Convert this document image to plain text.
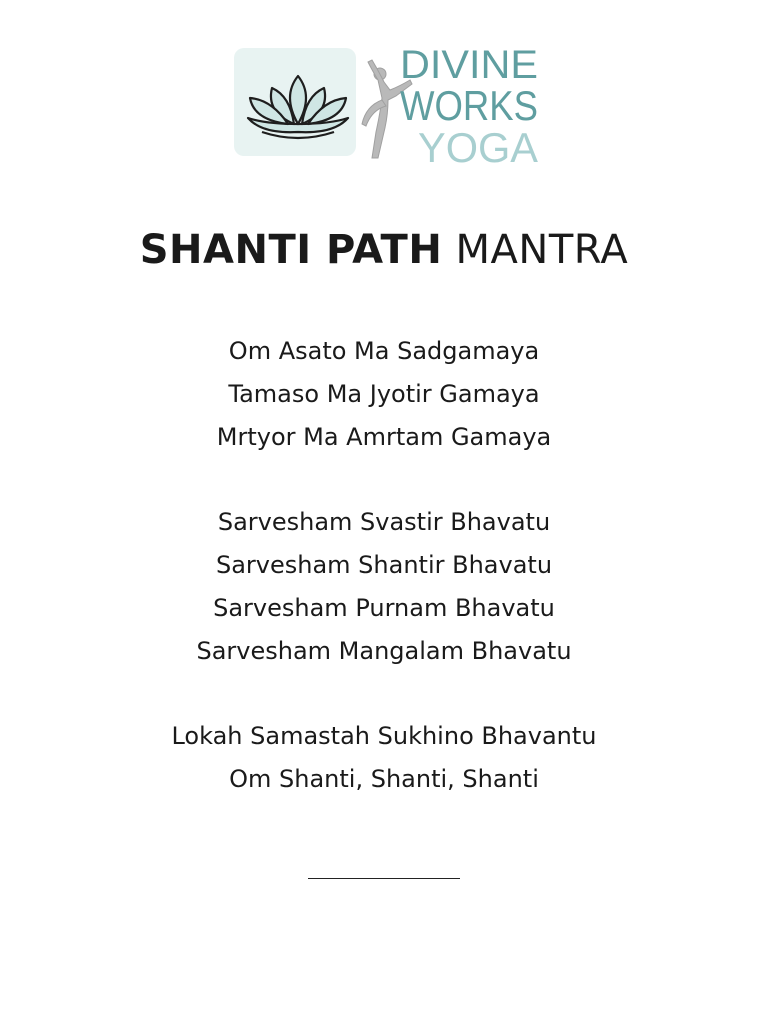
DIVINE
WORKS
YOGA
SHANTI PATH MANTRA
Om Asato Ma Sadgamaya
Tamaso Ma Jyotir Gamaya
Mrtyor Ma Amrtam Gamaya
Sarvesham Svastir Bhavatu
Sarvesham Shantir Bhavatu
Sarvesham Purnam Bhavatu
Sarvesham Mangalam Bhavatu
Lokah Samastah Sukhino Bhavantu
Om Shanti, Shanti, Shanti
